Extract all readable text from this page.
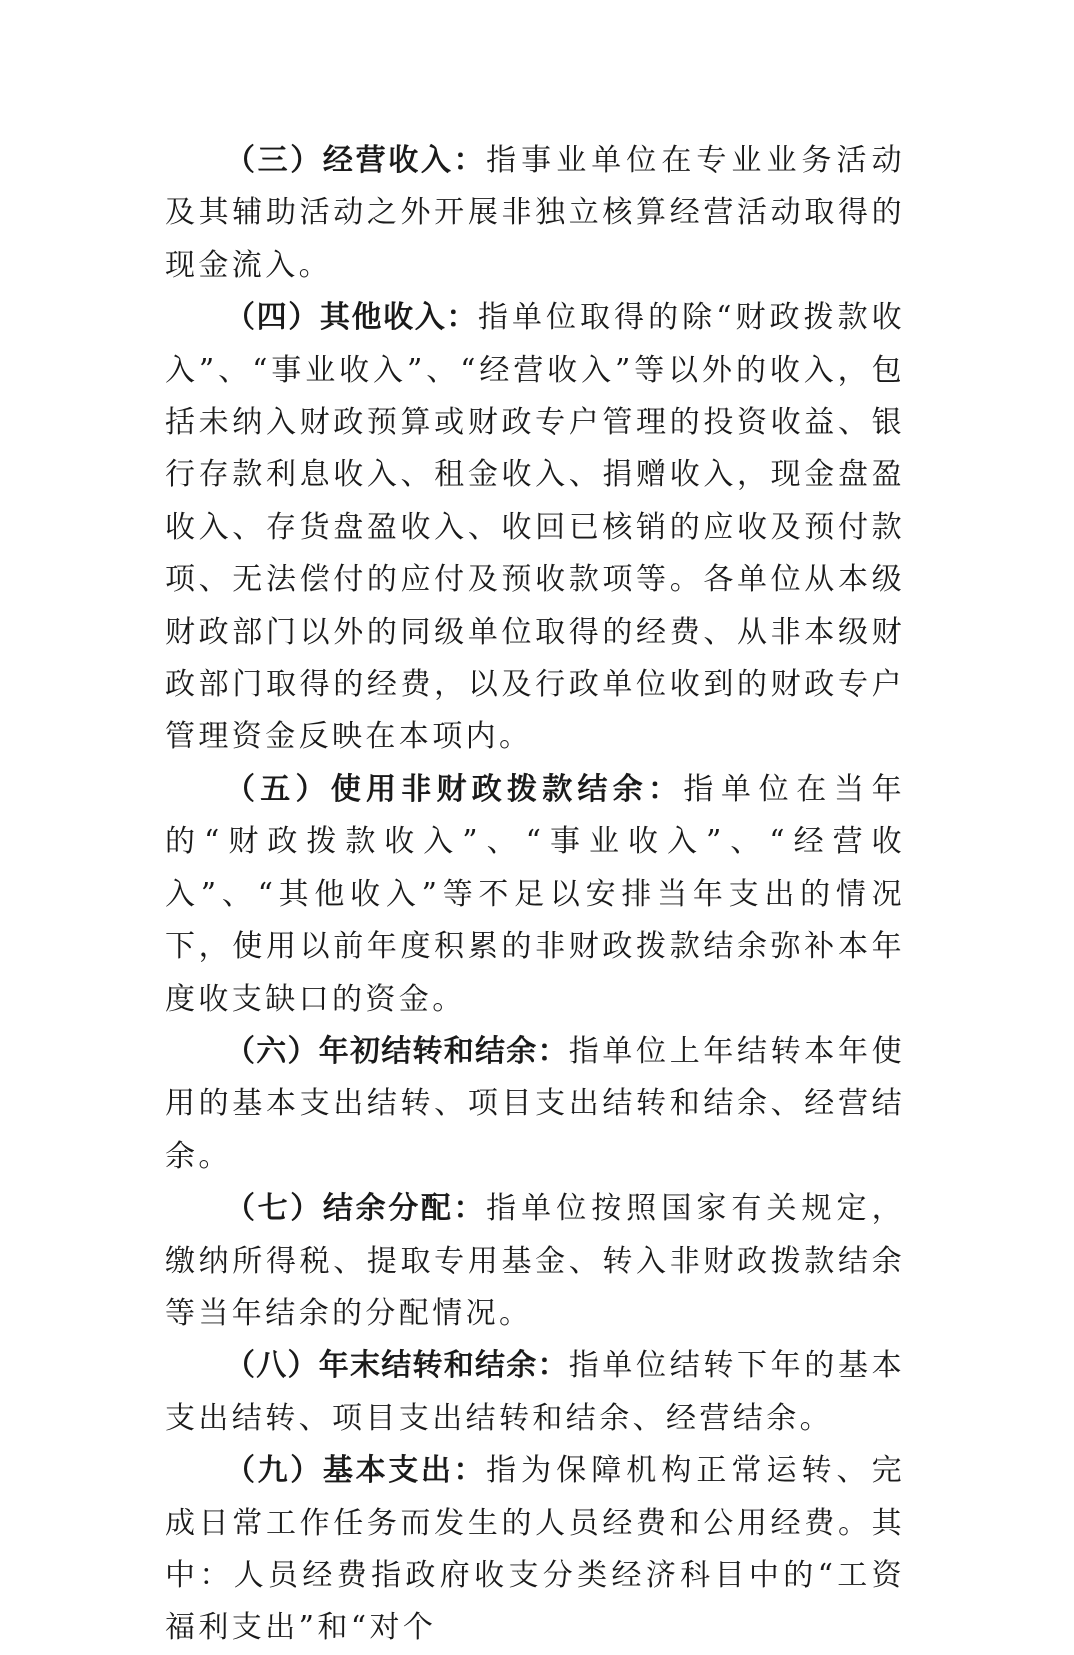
（三）经营收入：指事业单位在专业业务活动及其辅助活动之外开展非独立核算经营活动取得的现金流入。

（四）其他收入：指单位取得的除“财政拨款收入”、“事业收入”、“经营收入”等以外的收入，包括未纳入财政预算或财政专户管理的投资收益、银行存款利息收入、租金收入、捐赠收入，现金盘盈收入、存货盘盈收入、收回已核销的应收及预付款项、无法偿付的应付及预收款项等。各单位从本级财政部门以外的同级单位取得的经费、从非本级财政部门取得的经费，以及行政单位收到的财政专户管理资金反映在本项内。

（五）使用非财政拨款结余：指单位在当年的“财政拨款收入”、“事业收入”、“经营收入”、“其他收入”等不足以安排当年支出的情况下，使用以前年度积累的非财政拨款结余弥补本年度收支缺口的资金。

（六）年初结转和结余：指单位上年结转本年使用的基本支出结转、项目支出结转和结余、经营结余。

（七）结余分配：指单位按照国家有关规定，缴纳所得税、提取专用基金、转入非财政拨款结余等当年结余的分配情况。

（八）年末结转和结余：指单位结转下年的基本支出结转、项目支出结转和结余、经营结余。

（九）基本支出：指为保障机构正常运转、完成日常工作任务而发生的人员经费和公用经费。其中：人员经费指政府收支分类经济科目中的“工资福利支出”和“对个
